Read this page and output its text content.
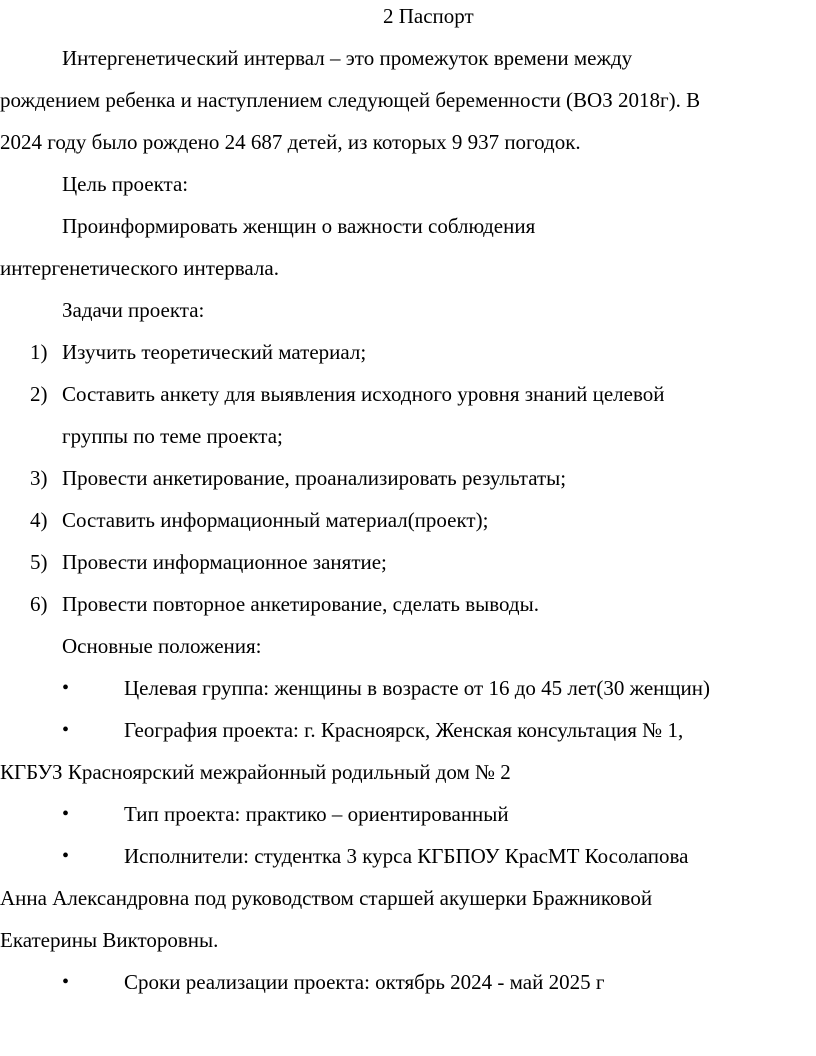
2 Паспорт
Интергенетический интервал – это промежуток времени между
рождением ребенка и наступлением следующей беременности (ВОЗ 2018г). В
2024 году было рождено 24 687 детей, из которых 9 937 погодок.
Цель проекта:
Проинформировать женщин о важности соблюдения
интергенетического интервала.
Задачи проекта:
1) Изучить теоретический материал;
2) Составить анкету для выявления исходного уровня знаний целевой
группы по теме проекта;
3) Провести анкетирование, проанализировать результаты;
4) Составить информационный материал(проект);
5) Провести информационное занятие;
6) Провести повторное анкетирование, сделать выводы.
Основные положения:
•	Целевая группа: женщины в возрасте от 16 до 45 лет(30 женщин)
•	География проекта: г. Красноярск, Женская консультация № 1,
КГБУЗ Красноярский межрайонный родильный дом № 2
•	Тип проекта: практико – ориентированный
•	Исполнители: студентка 3 курса КГБПОУ КрасМТ Косолапова
Анна Александровна под руководством старшей акушерки Бражниковой
Екатерины Викторовны.
•	Сроки реализации проекта: октябрь 2024 - май 2025 г
